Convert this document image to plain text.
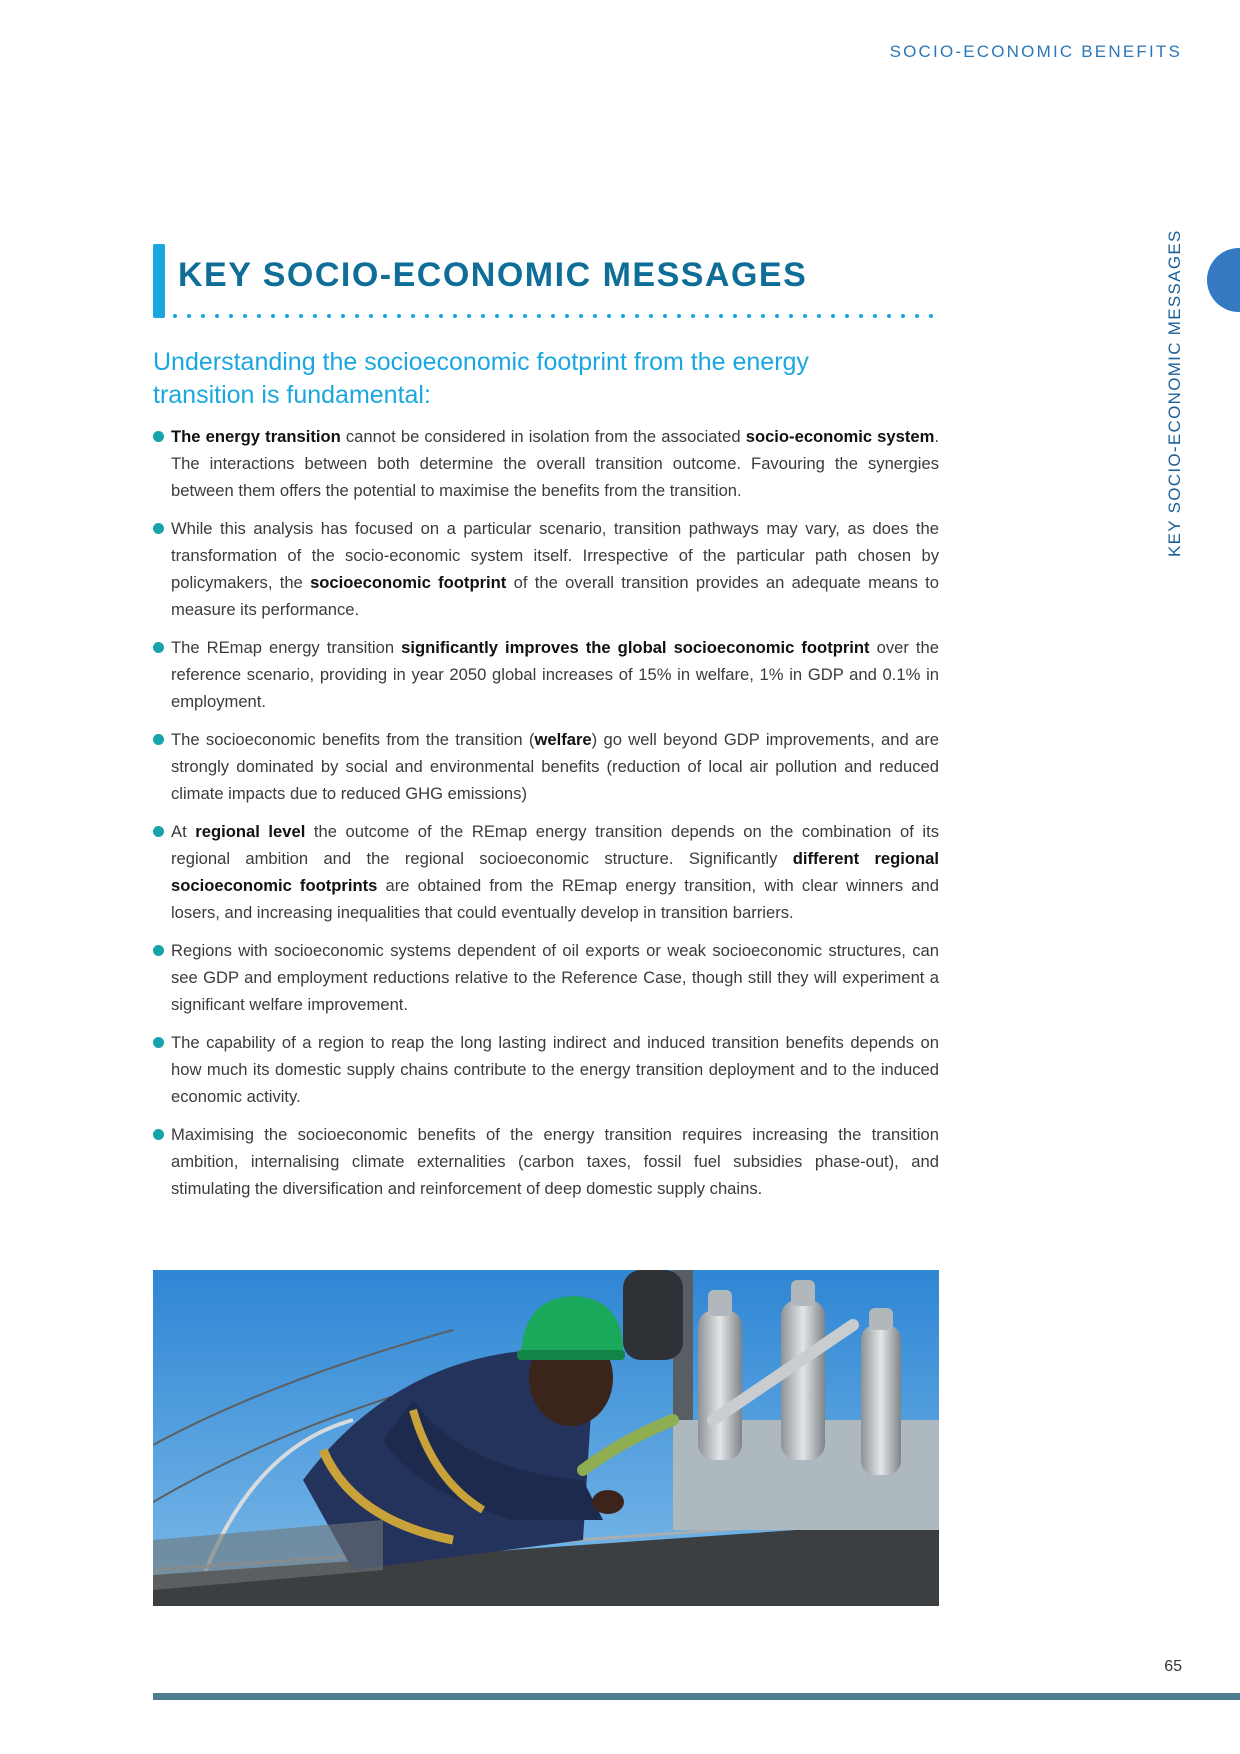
SOCIO-ECONOMIC BENEFITS
KEY SOCIO-ECONOMIC MESSAGES
KEY SOCIO-ECONOMIC MESSAGES
Understanding the socioeconomic footprint from the energy transition is fundamental:
The energy transition cannot be considered in isolation from the associated socio-economic system. The interactions between both determine the overall transition outcome. Favouring the synergies between them offers the potential to maximise the benefits from the transition.
While this analysis has focused on a particular scenario, transition pathways may vary, as does the transformation of the socio-economic system itself. Irrespective of the particular path chosen by policymakers, the socioeconomic footprint of the overall transition provides an adequate means to measure its performance.
The REmap energy transition significantly improves the global socioeconomic footprint over the reference scenario, providing in year 2050 global increases of 15% in welfare, 1% in GDP and 0.1% in employment.
The socioeconomic benefits from the transition (welfare) go well beyond GDP improvements, and are strongly dominated by social and environmental benefits (reduction of local air pollution and reduced climate impacts due to reduced GHG emissions)
At regional level the outcome of the REmap energy transition depends on the combination of its regional ambition and the regional socioeconomic structure. Significantly different regional socioeconomic footprints are obtained from the REmap energy transition, with clear winners and losers, and increasing inequalities that could eventually develop in transition barriers.
Regions with socioeconomic systems dependent of oil exports or weak socioeconomic structures, can see GDP and employment reductions relative to the Reference Case, though still they will experiment a significant welfare improvement.
The capability of a region to reap the long lasting indirect and induced transition benefits depends on how much its domestic supply chains contribute to the energy transition deployment and to the induced economic activity.
Maximising the socioeconomic benefits of the energy transition requires increasing the transition ambition, internalising climate externalities (carbon taxes, fossil fuel subsidies phase-out), and stimulating the diversification and reinforcement of deep domestic supply chains.
65
